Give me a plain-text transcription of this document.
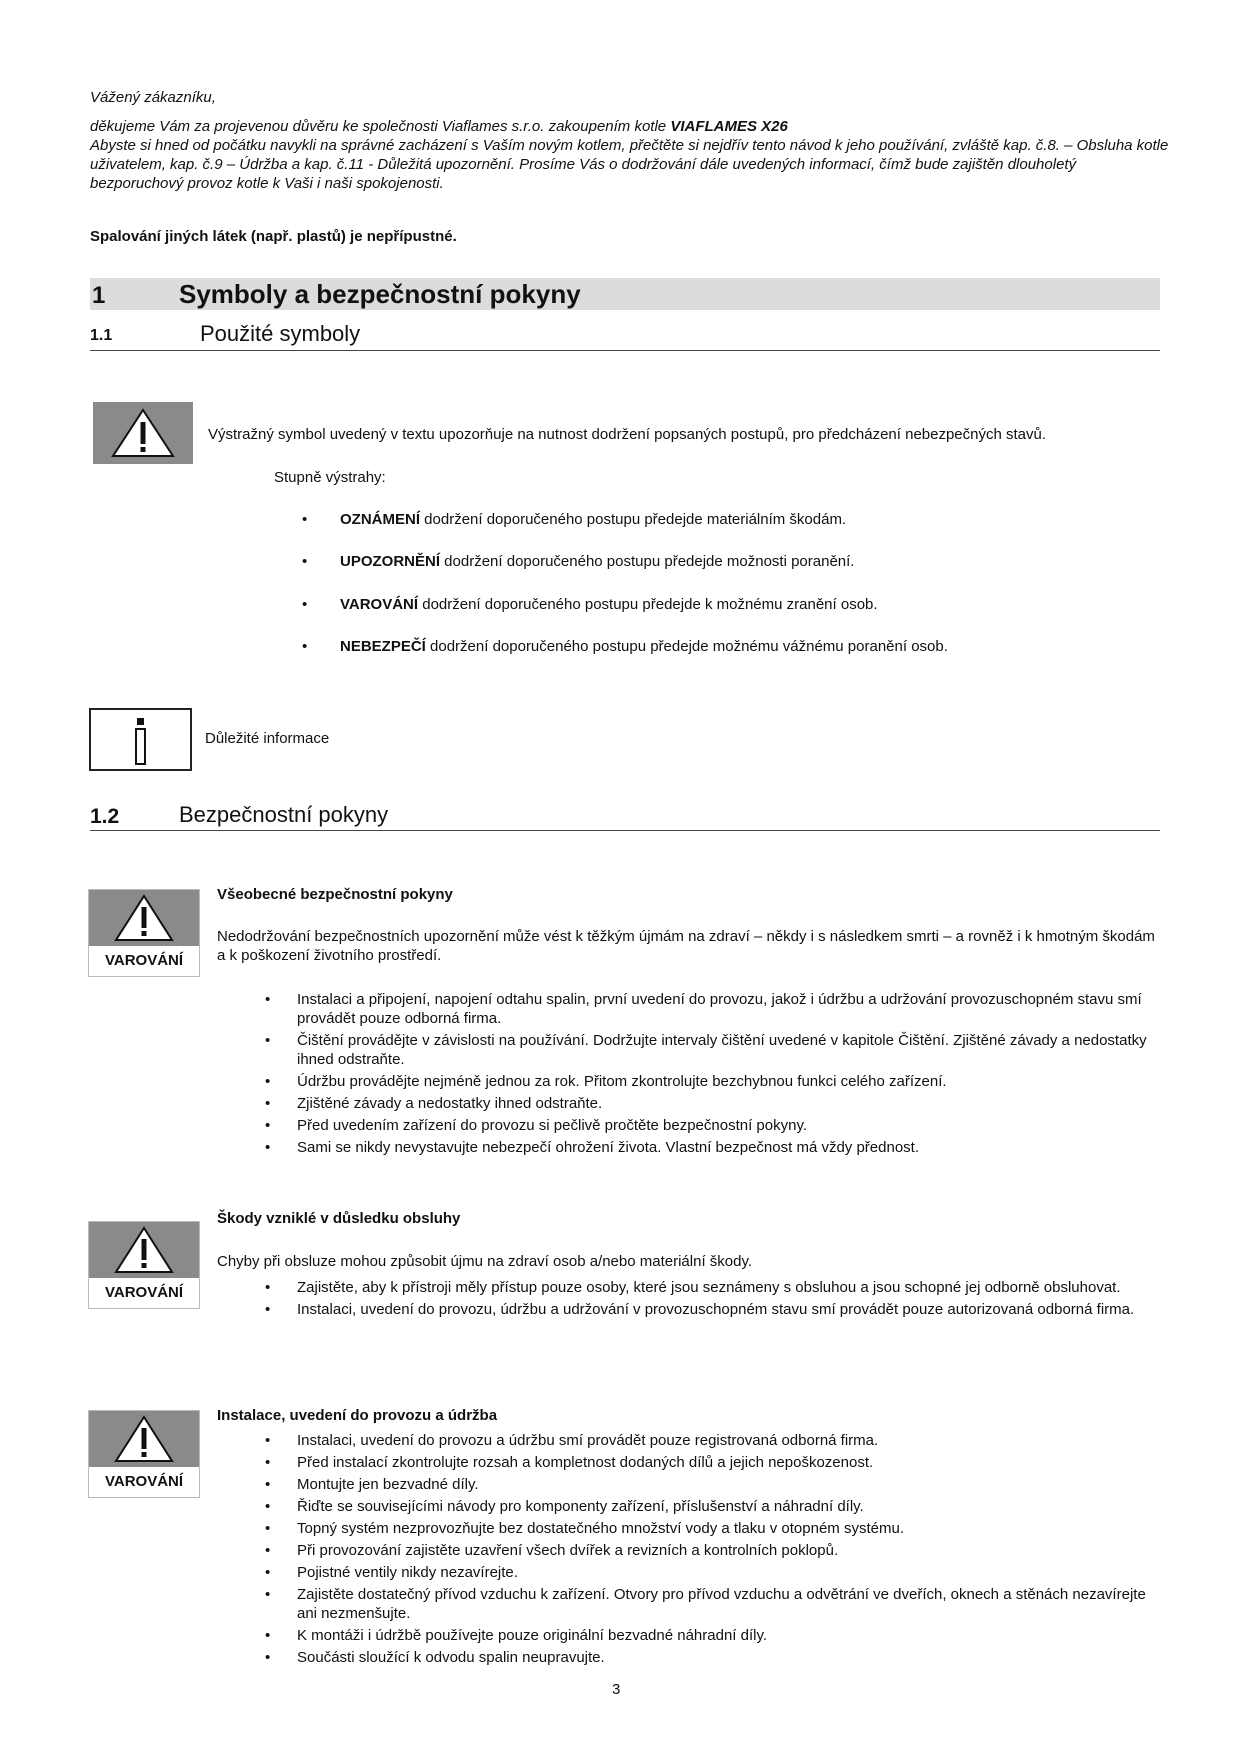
Vážený zákazníku,

děkujeme Vám za projevenou důvěru ke společnosti Viaflames s.r.o. zakoupením kotle VIAFLAMES X26

Abyste si hned od počátku navykli na správné zacházení s Vaším novým kotlem, přečtěte si nejdřív tento návod k jeho používání, zvláště kap. č.8. – Obsluha kotle uživatelem, kap. č.9 – Údržba a kap. č.11 - Důležitá upozornění. Prosíme Vás o dodržování dále uvedených informací, čímž bude zajištěn dlouholetý bezporuchový provoz kotle k Vaši i naši spokojenosti.

Spalování jiných látek (např. plastů) je nepřípustné.
1	Symboly a bezpečnostní pokyny
1.1	Použité symboly
Výstražný symbol uvedený v textu upozorňuje na nutnost dodržení popsaných postupů, pro předcházení nebezpečných stavů.
Stupně výstrahy:
• OZNÁMENÍ dodržení doporučeného postupu předejde materiálním škodám.
• UPOZORNĚNÍ dodržení doporučeného postupu předejde možnosti poranění.
• VAROVÁNÍ dodržení doporučeného postupu předejde k možnému zranění osob.
• NEBEZPEČÍ dodržení doporučeného postupu předejde možnému vážnému poranění osob.
Důležité informace
1.2	Bezpečnostní pokyny
VAROVÁNÍ
Všeobecné bezpečnostní pokyny
Nedodržování bezpečnostních upozornění může vést k těžkým újmám na zdraví – někdy i s následkem smrti – a rovněž i k hmotným škodám a k poškození životního prostředí.
• Instalaci a připojení, napojení odtahu spalin, první uvedení do provozu, jakož i údržbu a udržování provozuschopném stavu smí provádět pouze odborná firma.
• Čištění provádějte v závislosti na používání. Dodržujte intervaly čištění uvedené v kapitole Čištění. Zjištěné závady a nedostatky ihned odstraňte.
• Údržbu provádějte nejméně jednou za rok. Přitom zkontrolujte bezchybnou funkci celého zařízení.
• Zjištěné závady a nedostatky ihned odstraňte.
• Před uvedením zařízení do provozu si pečlivě pročtěte bezpečnostní pokyny.
• Sami se nikdy nevystavujte nebezpečí ohrožení života. Vlastní bezpečnost má vždy přednost.
VAROVÁNÍ
Škody vzniklé v důsledku obsluhy
Chyby při obsluze mohou způsobit újmu na zdraví osob a/nebo materiální škody.
• Zajistěte, aby k přístroji měly přístup pouze osoby, které jsou seznámeny s obsluhou a jsou schopné jej odborně obsluhovat.
• Instalaci, uvedení do provozu, údržbu a udržování v provozuschopném stavu smí provádět pouze autorizovaná odborná firma.
VAROVÁNÍ
Instalace, uvedení do provozu a údržba
• Instalaci, uvedení do provozu a údržbu smí provádět pouze registrovaná odborná firma.
• Před instalací zkontrolujte rozsah a kompletnost dodaných dílů a jejich nepoškozenost.
• Montujte jen bezvadné díly.
• Řiďte se souvisejícími návody pro komponenty zařízení, příslušenství a náhradní díly.
• Topný systém nezprovozňujte bez dostatečného množství vody a tlaku v otopném systému.
• Při provozování zajistěte uzavření všech dvířek a revizních a kontrolních poklopů.
• Pojistné ventily nikdy nezavírejte.
• Zajistěte dostatečný přívod vzduchu k zařízení. Otvory pro přívod vzduchu a odvětrání ve dveřích, oknech a stěnách nezavírejte ani nezmenšujte.
• K montáži i údržbě používejte pouze originální bezvadné náhradní díly.
• Součásti sloužící k odvodu spalin neupravujte.
3
